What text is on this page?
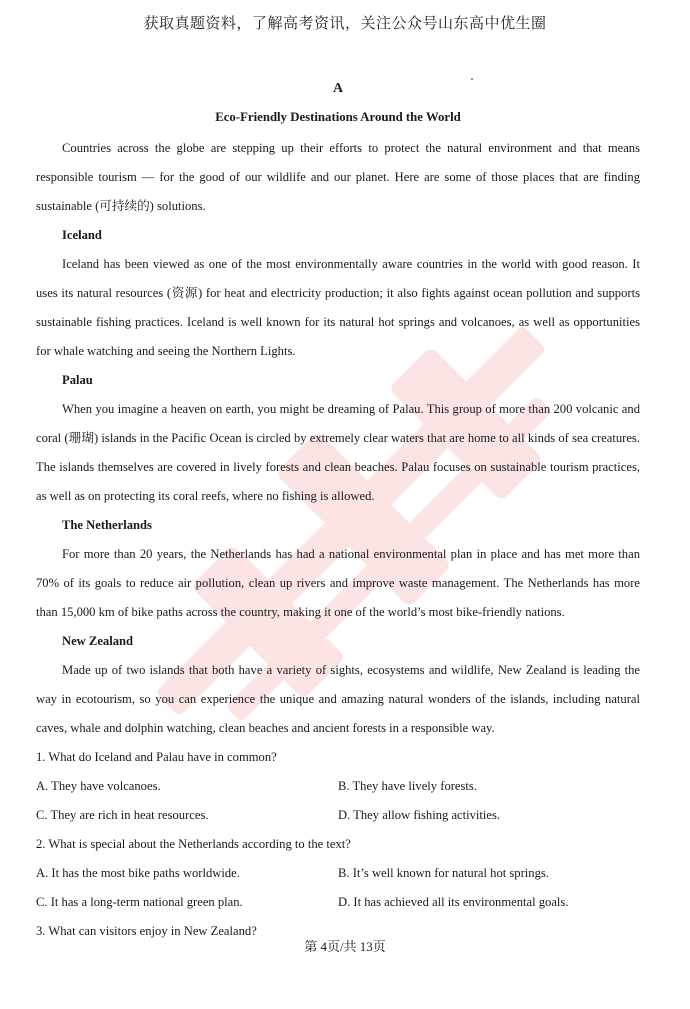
获取真题资料，了解高考资讯，关注公众号山东高中优生圈

A

Eco-Friendly Destinations Around the World

Countries across the globe are stepping up their efforts to protect the natural environment and that means responsible tourism — for the good of our wildlife and our planet. Here are some of those places that are finding sustainable (可持续的) solutions.

Iceland

Iceland has been viewed as one of the most environmentally aware countries in the world with good reason. It uses its natural resources (资源) for heat and electricity production; it also fights against ocean pollution and supports sustainable fishing practices. Iceland is well known for its natural hot springs and volcanoes, as well as opportunities for whale watching and seeing the Northern Lights.

Palau

When you imagine a heaven on earth, you might be dreaming of Palau. This group of more than 200 volcanic and coral (珊瑚) islands in the Pacific Ocean is circled by extremely clear waters that are home to all kinds of sea creatures. The islands themselves are covered in lively forests and clean beaches. Palau focuses on sustainable tourism practices, as well as on protecting its coral reefs, where no fishing is allowed.

The Netherlands

For more than 20 years, the Netherlands has had a national environmental plan in place and has met more than 70% of its goals to reduce air pollution, clean up rivers and improve waste management. The Netherlands has more than 15,000 km of bike paths across the country, making it one of the world’s most bike-friendly nations.

New Zealand

Made up of two islands that both have a variety of sights, ecosystems and wildlife, New Zealand is leading the way in ecotourism, so you can experience the unique and amazing natural wonders of the islands, including natural caves, whale and dolphin watching, clean beaches and ancient forests in a responsible way.

1. What do Iceland and Palau have in common?

A. They have volcanoes.	B. They have lively forests.
C. They are rich in heat resources.	D. They allow fishing activities.

2. What is special about the Netherlands according to the text?

A. It has the most bike paths worldwide.	B. It’s well known for natural hot springs.
C. It has a long-term national green plan.	D. It has achieved all its environmental goals.

3. What can visitors enjoy in New Zealand?

第 4页/共 13页
